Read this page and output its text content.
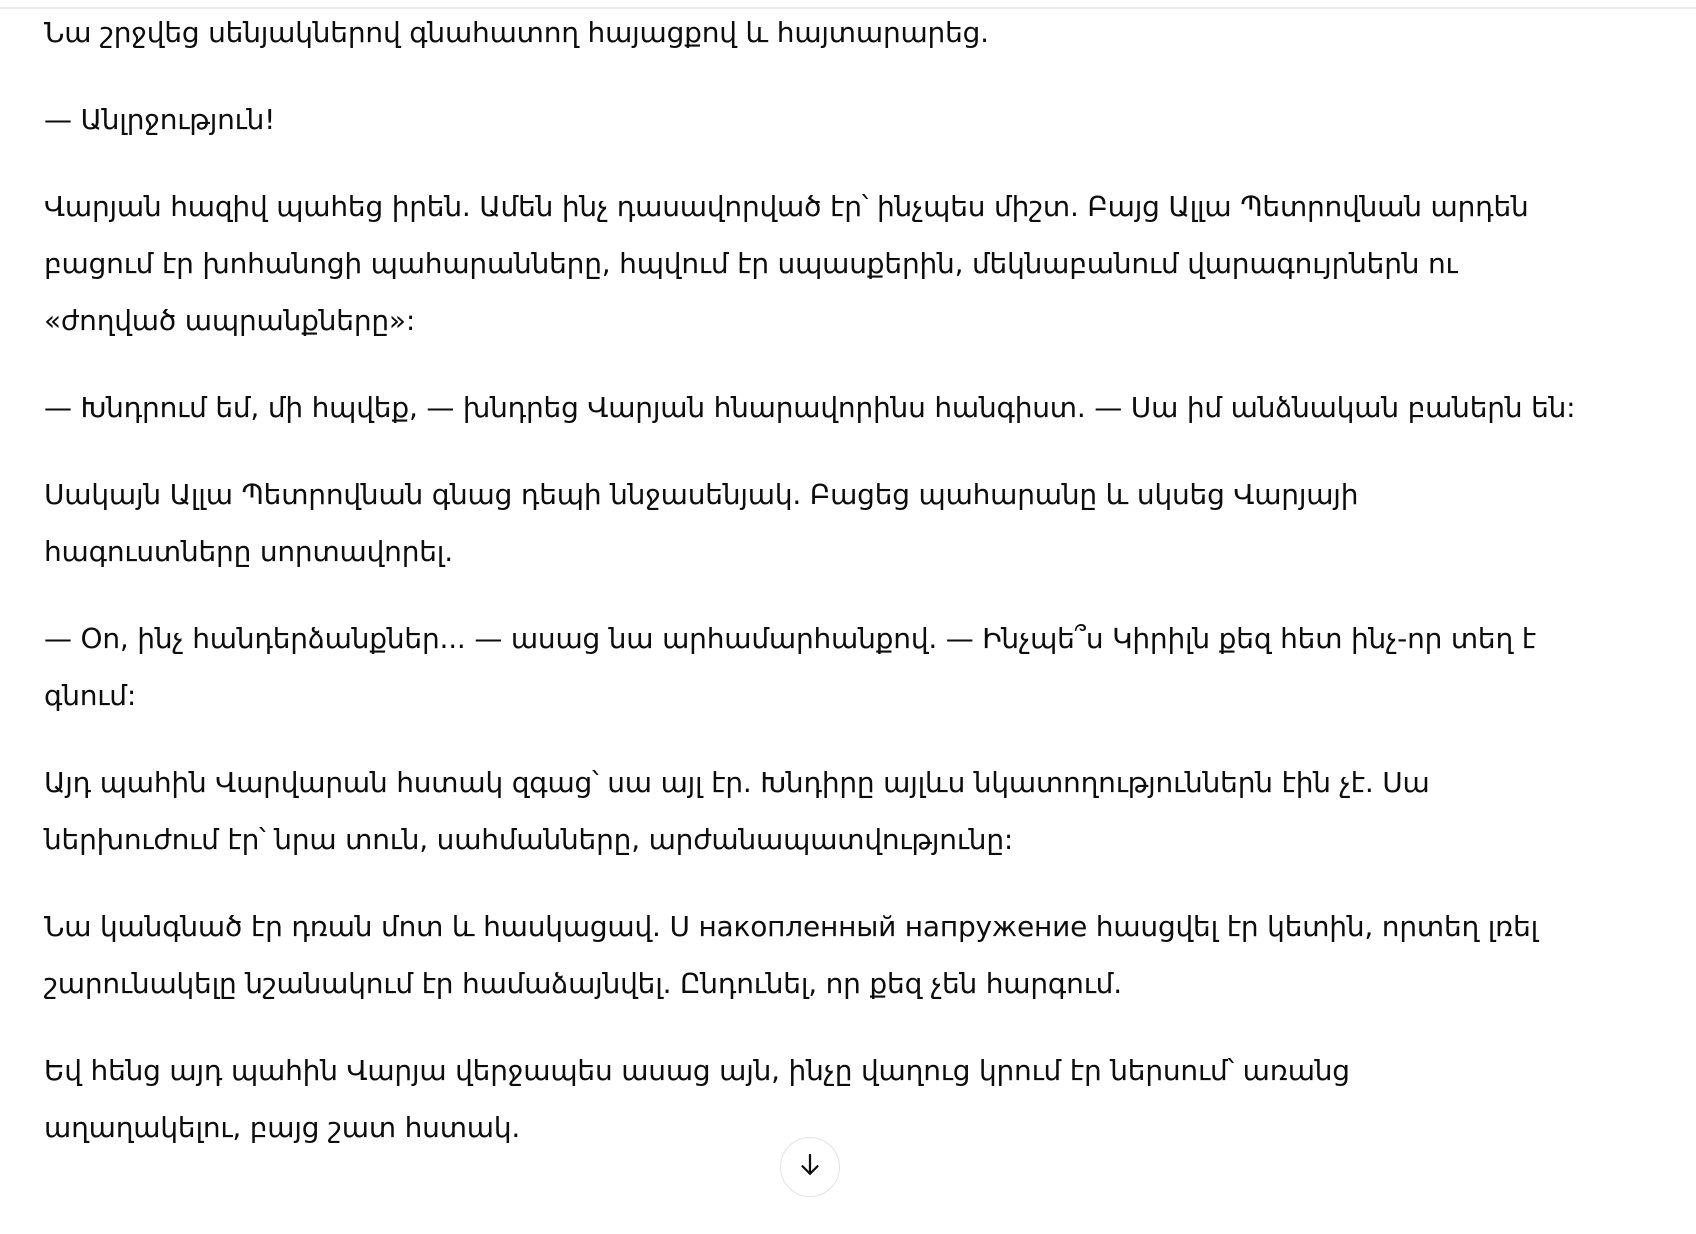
Նա շրջվեց սենյակներով գնահատող հայացքով և հայտարարեց.

— Անլրջություն!

Վարյան հազիվ պահեց իրեն. Ամեն ինչ դասավորված էր՝ ինչպես միշտ. Բայց Ալլա Պետրովնան արդեն բացում էր խոհանոցի պահարանները, հպվում էր սպասքերին, մեկնաբանում վարագույրներն ու «ժողված ապրանքները»:

— Խնդրում եմ, մի հպվեք, — խնդրեց Վարյան հնարավորինս հանգիստ. — Սա իմ անձնական բաներն են:

Սակայն Ալլա Պետրովնան գնաց դեպի ննջասենյակ. Բացեց պահարանը և սկսեց Վարյայի հագուստները սորտավորել.

— Օո, ինչ հանդերձանքներ... — ասաց նա արհամարհանքով. — Ինչպե՞ս Կիրիլն քեզ հետ ինչ-որ տեղ է գնում:

Այդ պահին Վարվարան հստակ զգաց՝ սա այլ էր. Խնդիրը այլևս նկատողություններն էին չէ. Սա ներխուժում էր՝ նրա տուն, սահմանները, արժանապատվությունը:

Նա կանգնած էր դռան մոտ և հասկացավ. Ս накопленный напружение հասցվել էր կետին, որտեղ լռել շարունակելը նշանակում էր համաձայնվել. Ընդունել, որ քեզ չեն հարգում.

Եվ հենց այդ պահին Վարյա վերջապես ասաց այն, ինչը վաղուց կրում էր ներսում՝ առանց աղաղակելու, բայց շատ հստակ.
